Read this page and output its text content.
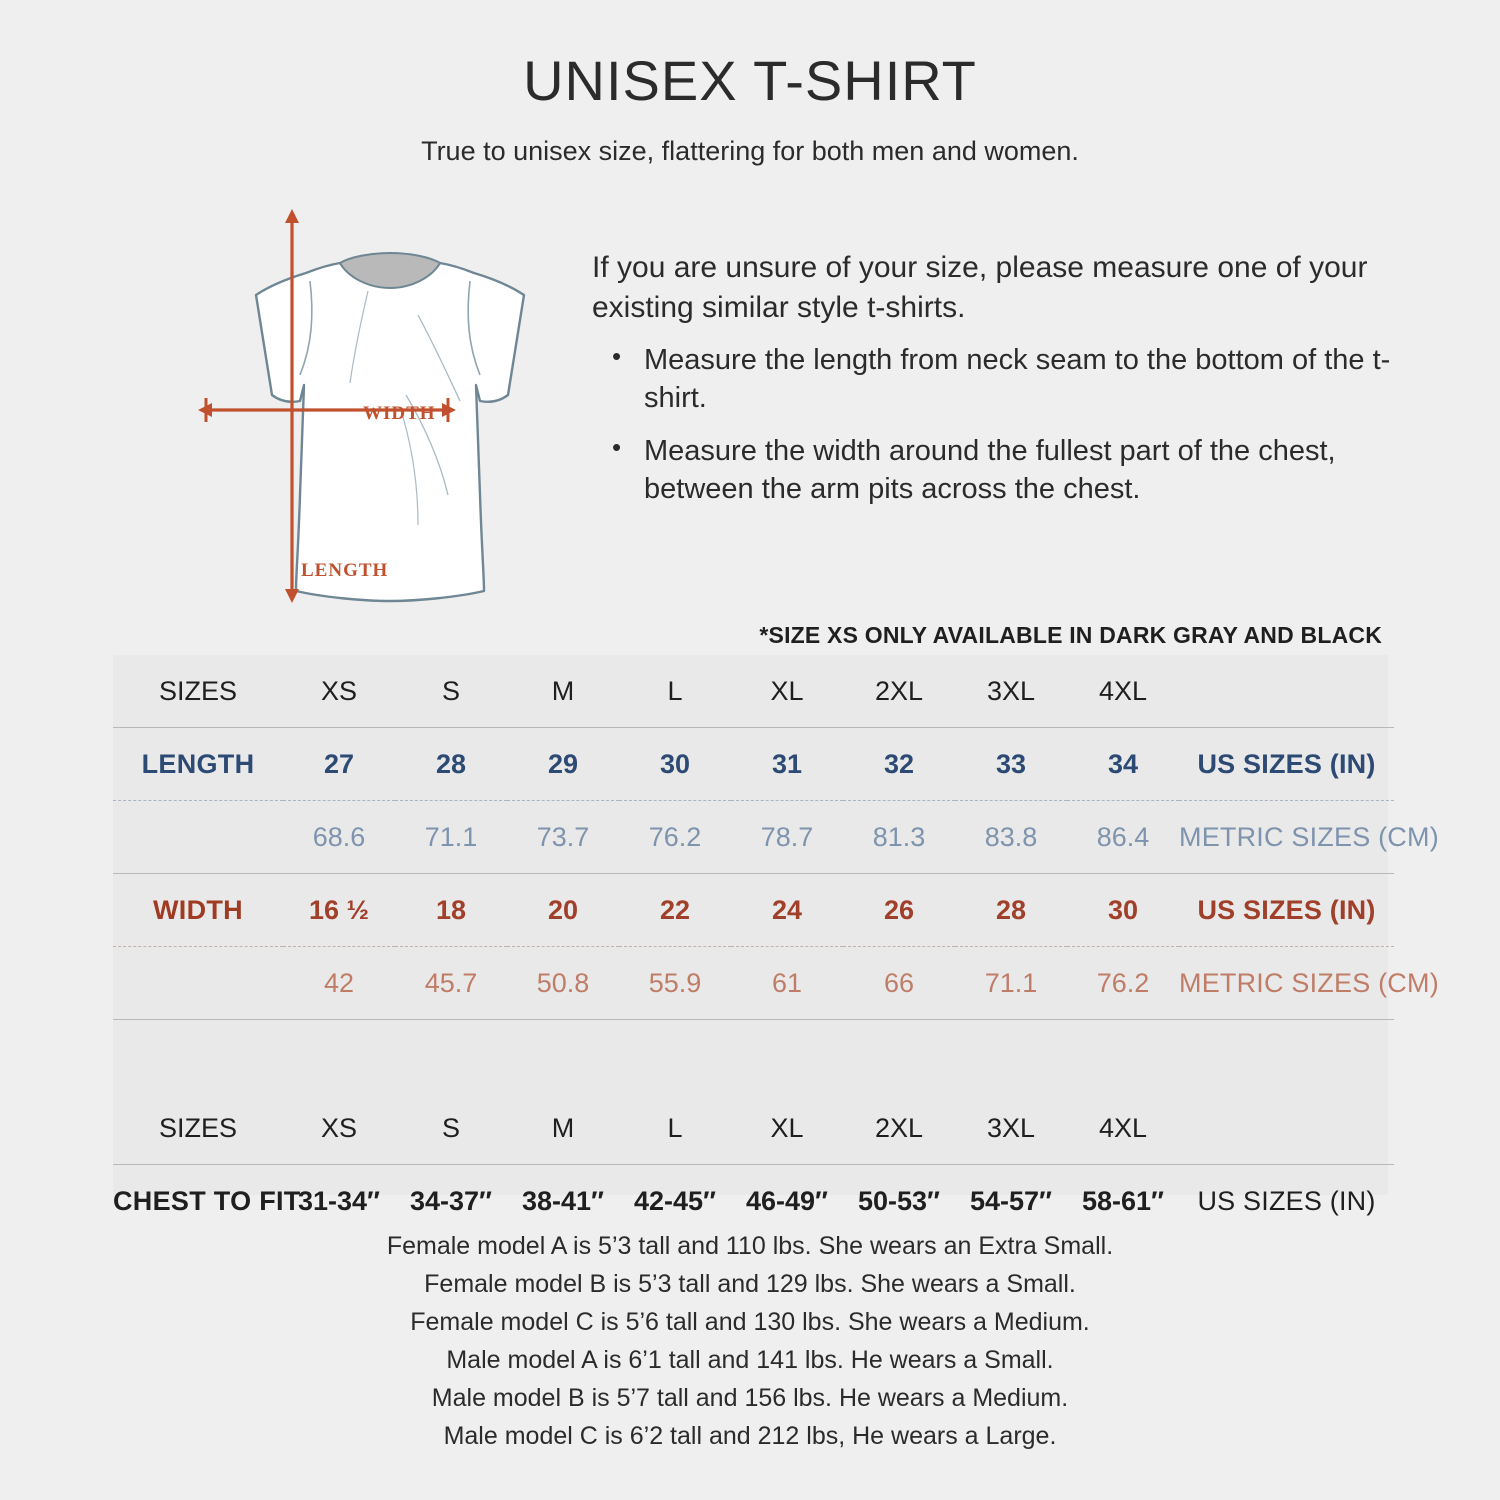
UNISEX T-SHIRT
True to unisex size, flattering for both men and women.
WIDTH
LENGTH
If you are unsure of your size, please measure one of your existing similar style t-shirts.
• Measure the length from neck seam to the bottom of the t-shirt.
• Measure the width around the fullest part of the chest, between the arm pits across the chest.
*SIZE XS ONLY AVAILABLE IN DARK GRAY AND BLACK
SIZES	XS	S	M	L	XL	2XL	3XL	4XL	
LENGTH	27	28	29	30	31	32	33	34	US SIZES (IN)
	68.6	71.1	73.7	76.2	78.7	81.3	83.8	86.4	METRIC SIZES (CM)
WIDTH	16 ½	18	20	22	24	26	28	30	US SIZES (IN)
	42	45.7	50.8	55.9	61	66	71.1	76.2	METRIC SIZES (CM)

SIZES	XS	S	M	L	XL	2XL	3XL	4XL	
CHEST TO FIT	31-34″	34-37″	38-41″	42-45″	46-49″	50-53″	54-57″	58-61″	US SIZES (IN)

Female model A is 5’3 tall and 110 lbs. She wears an Extra Small.

Female model B is 5’3 tall and 129 lbs. She wears a Small.

Female model C is 5’6 tall and 130 lbs. She wears a Medium.

Male model A is 6’1 tall and 141 lbs. He wears a Small.

Male model B is 5’7 tall and 156 lbs. He wears a Medium.

Male model C is 6’2 tall and 212 lbs, He wears a Large.
